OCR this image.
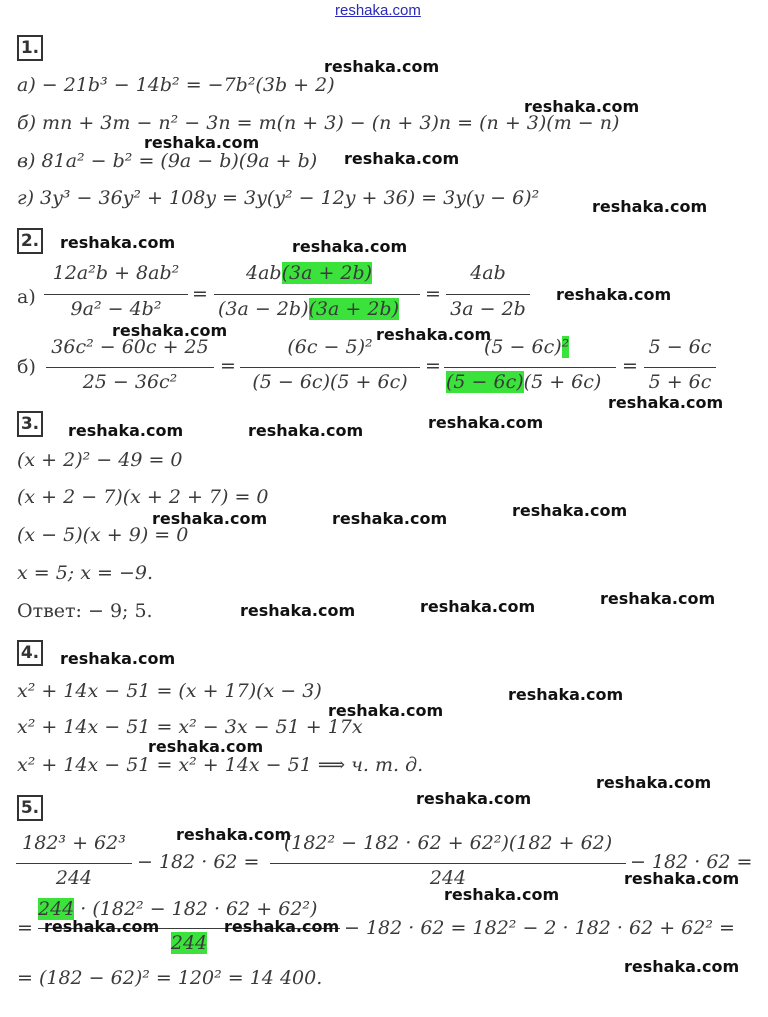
reshaka.com
1.
а) − 21b³ − 14b² = −7b²(3b + 2)
б) mn + 3m − n² − 3n = m(n + 3) − (n + 3)n = (n + 3)(m − n)
в) 81a² − b² = (9a − b)(9a + b)
г) 3y³ − 36y² + 108y = 3y(y² − 12y + 36) = 3y(y − 6)²
2.
а)
12a²b + 8ab²
9a² − 4b²
=
4ab(3a + 2b)
(3a − 2b)(3a + 2b)
=
4ab
3a − 2b
б)
36c² − 60c + 25
25 − 36c²
=
(6c − 5)²
(5 − 6c)(5 + 6c)
=
(5 − 6c)²
(5 − 6c)(5 + 6c)
=
5 − 6c
5 + 6c
3.
(x + 2)² − 49 = 0
(x + 2 − 7)(x + 2 + 7) = 0
(x − 5)(x + 9) = 0
x = 5; x = −9.
Ответ: − 9; 5.
4.
x² + 14x − 51 = (x + 17)(x − 3)
x² + 14x − 51 = x² − 3x − 51 + 17x
x² + 14x − 51 = x² + 14x − 51 ⟹ ч. т. д.
5.
182³ + 62³
244
− 182 · 62 =
(182² − 182 · 62 + 62²)(182 + 62)
244
− 182 · 62 =
=
244 · (182² − 182 · 62 + 62²)
244
− 182 · 62 = 182² − 2 · 182 · 62 + 62² =
= (182 − 62)² = 120² = 14 400.
reshaka.com
reshaka.com
reshaka.com
reshaka.com
reshaka.com
reshaka.com	reshaka.com
reshaka.com
reshaka.com	reshaka.com
reshaka.com
reshaka.com	reshaka.com	reshaka.com
reshaka.com	reshaka.com	reshaka.com
reshaka.com	reshaka.com	reshaka.com
reshaka.com
reshaka.com
reshaka.com
reshaka.com
reshaka.com
reshaka.com
reshaka.com
reshaka.com
reshaka.com
reshaka.com	reshaka.com
reshaka.com
